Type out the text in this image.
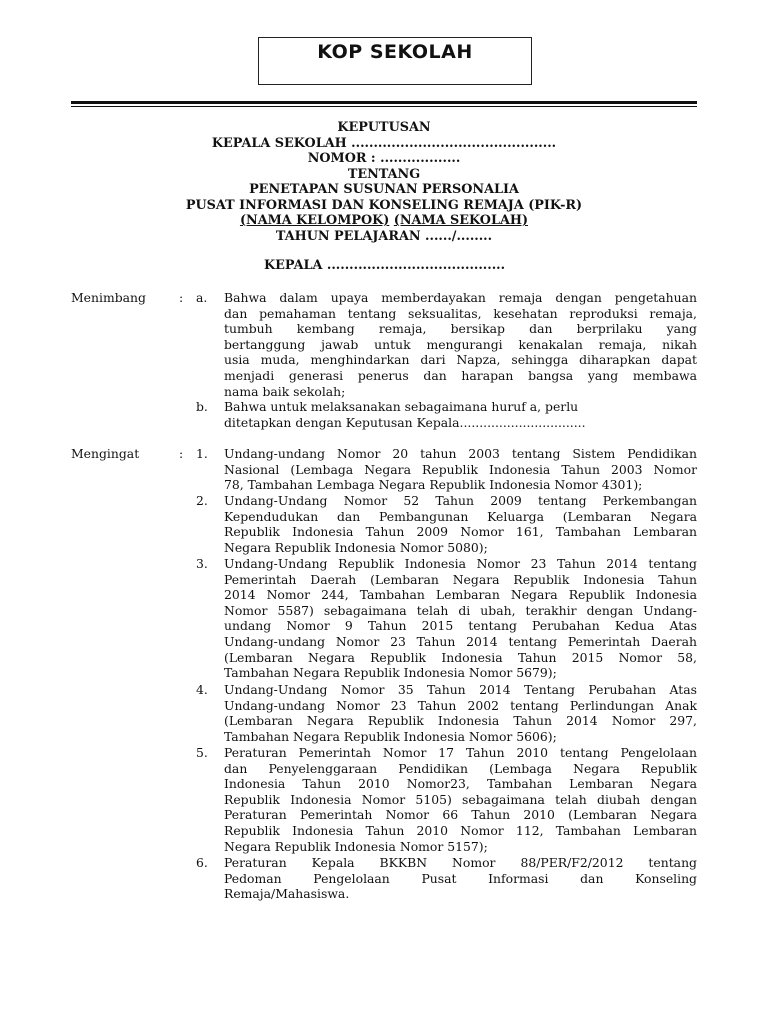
KOP SEKOLAH
KEPUTUSAN
KEPALA SEKOLAH ..............................................
NOMOR : ..................
TENTANG
PENETAPAN SUSUNAN PERSONALIA
PUSAT INFORMASI DAN KONSELING REMAJA (PIK-R)
(NAMA KELOMPOK) (NAMA SEKOLAH)
TAHUN PELAJARAN ....../........
KEPALA ........................................
Menimbang	: a.	Bahwa dalam upaya memberdayakan remaja dengan pengetahuan
dan pemahaman tentang seksualitas, kesehatan reproduksi remaja,
tumbuh kembang remaja, bersikap dan berprilaku yang
bertanggung jawab untuk mengurangi kenakalan remaja, nikah
usia muda, menghindarkan dari Napza, sehingga diharapkan dapat
menjadi generasi penerus dan harapan bangsa yang membawa
nama baik sekolah;
b.	Bahwa untuk melaksanakan sebagaimana huruf a, perlu
ditetapkan dengan Keputusan Kepala................................
Mengingat	: 1.	Undang-undang Nomor 20 tahun 2003 tentang Sistem Pendidikan
Nasional (Lembaga Negara Republik Indonesia Tahun 2003 Nomor
78, Tambahan Lembaga Negara Republik Indonesia Nomor 4301);
2.	Undang-Undang Nomor 52 Tahun 2009 tentang Perkembangan
Kependudukan dan Pembangunan Keluarga (Lembaran Negara
Republik Indonesia Tahun 2009 Nomor 161, Tambahan Lembaran
Negara Republik Indonesia Nomor 5080);
3.	Undang-Undang Republik Indonesia Nomor 23 Tahun 2014 tentang
Pemerintah Daerah (Lembaran Negara Republik Indonesia Tahun
2014 Nomor 244, Tambahan Lembaran Negara Republik Indonesia
Nomor 5587) sebagaimana telah di ubah, terakhir dengan Undang-
undang Nomor 9 Tahun 2015 tentang Perubahan Kedua Atas
Undang-undang Nomor 23 Tahun 2014 tentang Pemerintah Daerah
(Lembaran Negara Republik Indonesia Tahun 2015 Nomor 58,
Tambahan Negara Republik Indonesia Nomor 5679);
4.	Undang-Undang Nomor 35 Tahun 2014 Tentang Perubahan Atas
Undang-undang Nomor 23 Tahun 2002 tentang Perlindungan Anak
(Lembaran Negara Republik Indonesia Tahun 2014 Nomor 297,
Tambahan Negara Republik Indonesia Nomor 5606);
5.	Peraturan Pemerintah Nomor 17 Tahun 2010 tentang Pengelolaan
dan Penyelenggaraan Pendidikan (Lembaga Negara Republik
Indonesia Tahun 2010 Nomor23, Tambahan Lembaran Negara
Republik Indonesia Nomor 5105) sebagaimana telah diubah dengan
Peraturan Pemerintah Nomor 66 Tahun 2010 (Lembaran Negara
Republik Indonesia Tahun 2010 Nomor 112, Tambahan Lembaran
Negara Republik Indonesia Nomor 5157);
6.	Peraturan Kepala BKKBN Nomor 88/PER/F2/2012 tentang
Pedoman Pengelolaan Pusat Informasi dan Konseling
Remaja/Mahasiswa.
